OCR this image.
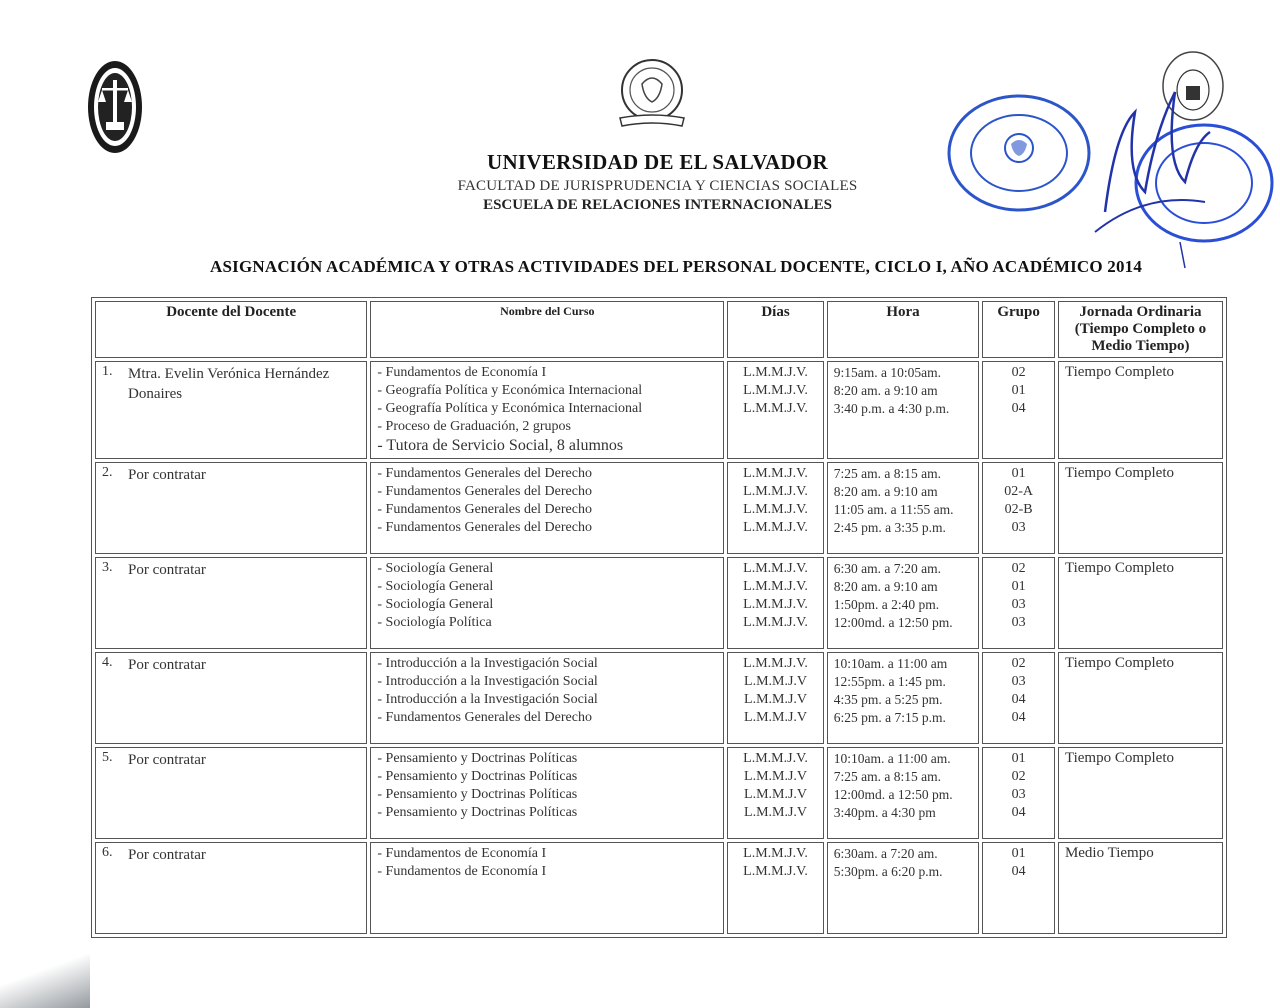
UNIVERSIDAD DE EL SALVADOR
FACULTAD DE JURISPRUDENCIA Y CIENCIAS SOCIALES
ESCUELA DE RELACIONES INTERNACIONALES
ASIGNACIÓN ACADÉMICA Y OTRAS ACTIVIDADES DEL PERSONAL DOCENTE, CICLO I, AÑO ACADÉMICO 2014
Docente del Docente	Nombre del Curso	Días	Hora	Grupo	Jornada Ordinaria (Tiempo Completo o Medio Tiempo)

1. Mtra. Evelin Verónica Hernández Donaires	- Fundamentos de Economía I
- Geografía Política y Económica Internacional
- Geografía Política y Económica Internacional
- Proceso de Graduación, 2 grupos
- Tutora de Servicio Social, 8 alumnos	L.M.M.J.V.
L.M.M.J.V.
L.M.M.J.V.	9:15am. a 10:05am.
8:20 am. a 9:10 am
3:40 p.m. a 4:30 p.m.	02
01
04	Tiempo Completo

2. Por contratar	- Fundamentos Generales del Derecho
- Fundamentos Generales del Derecho
- Fundamentos Generales del Derecho
- Fundamentos Generales del Derecho	L.M.M.J.V.
L.M.M.J.V.
L.M.M.J.V.
L.M.M.J.V.	7:25 am. a 8:15 am.
8:20 am. a 9:10 am
11:05 am. a 11:55 am.
2:45 pm. a 3:35 p.m.	01
02-A
02-B
03	Tiempo Completo

3. Por contratar	- Sociología General
- Sociología General
- Sociología General
- Sociología Política	L.M.M.J.V.
L.M.M.J.V.
L.M.M.J.V.
L.M.M.J.V.	6:30 am. a 7:20 am.
8:20 am. a 9:10 am
1:50pm. a 2:40 pm.
12:00md. a 12:50 pm.	02
01
03
03	Tiempo Completo

4. Por contratar	- Introducción a la Investigación Social
- Introducción a la Investigación Social
- Introducción a la Investigación Social
- Fundamentos Generales del Derecho	L.M.M.J.V.
L.M.M.J.V
L.M.M.J.V
L.M.M.J.V	10:10am. a 11:00 am
12:55pm. a 1:45 pm.
4:35 pm. a 5:25 pm.
6:25 pm. a 7:15 p.m.	02
03
04
04	Tiempo Completo

5. Por contratar	- Pensamiento y Doctrinas Políticas
- Pensamiento y Doctrinas Políticas
- Pensamiento y Doctrinas Políticas
- Pensamiento y Doctrinas Políticas	L.M.M.J.V.
L.M.M.J.V
L.M.M.J.V
L.M.M.J.V	10:10am. a 11:00 am.
7:25 am. a 8:15 am.
12:00md. a 12:50 pm.
3:40pm. a 4:30 pm	01
02
03
04	Tiempo Completo

6. Por contratar	- Fundamentos de Economía I
- Fundamentos de Economía I	L.M.M.J.V.
L.M.M.J.V.	6:30am. a 7:20 am.
5:30pm. a 6:20 p.m.	01
04	Medio Tiempo
